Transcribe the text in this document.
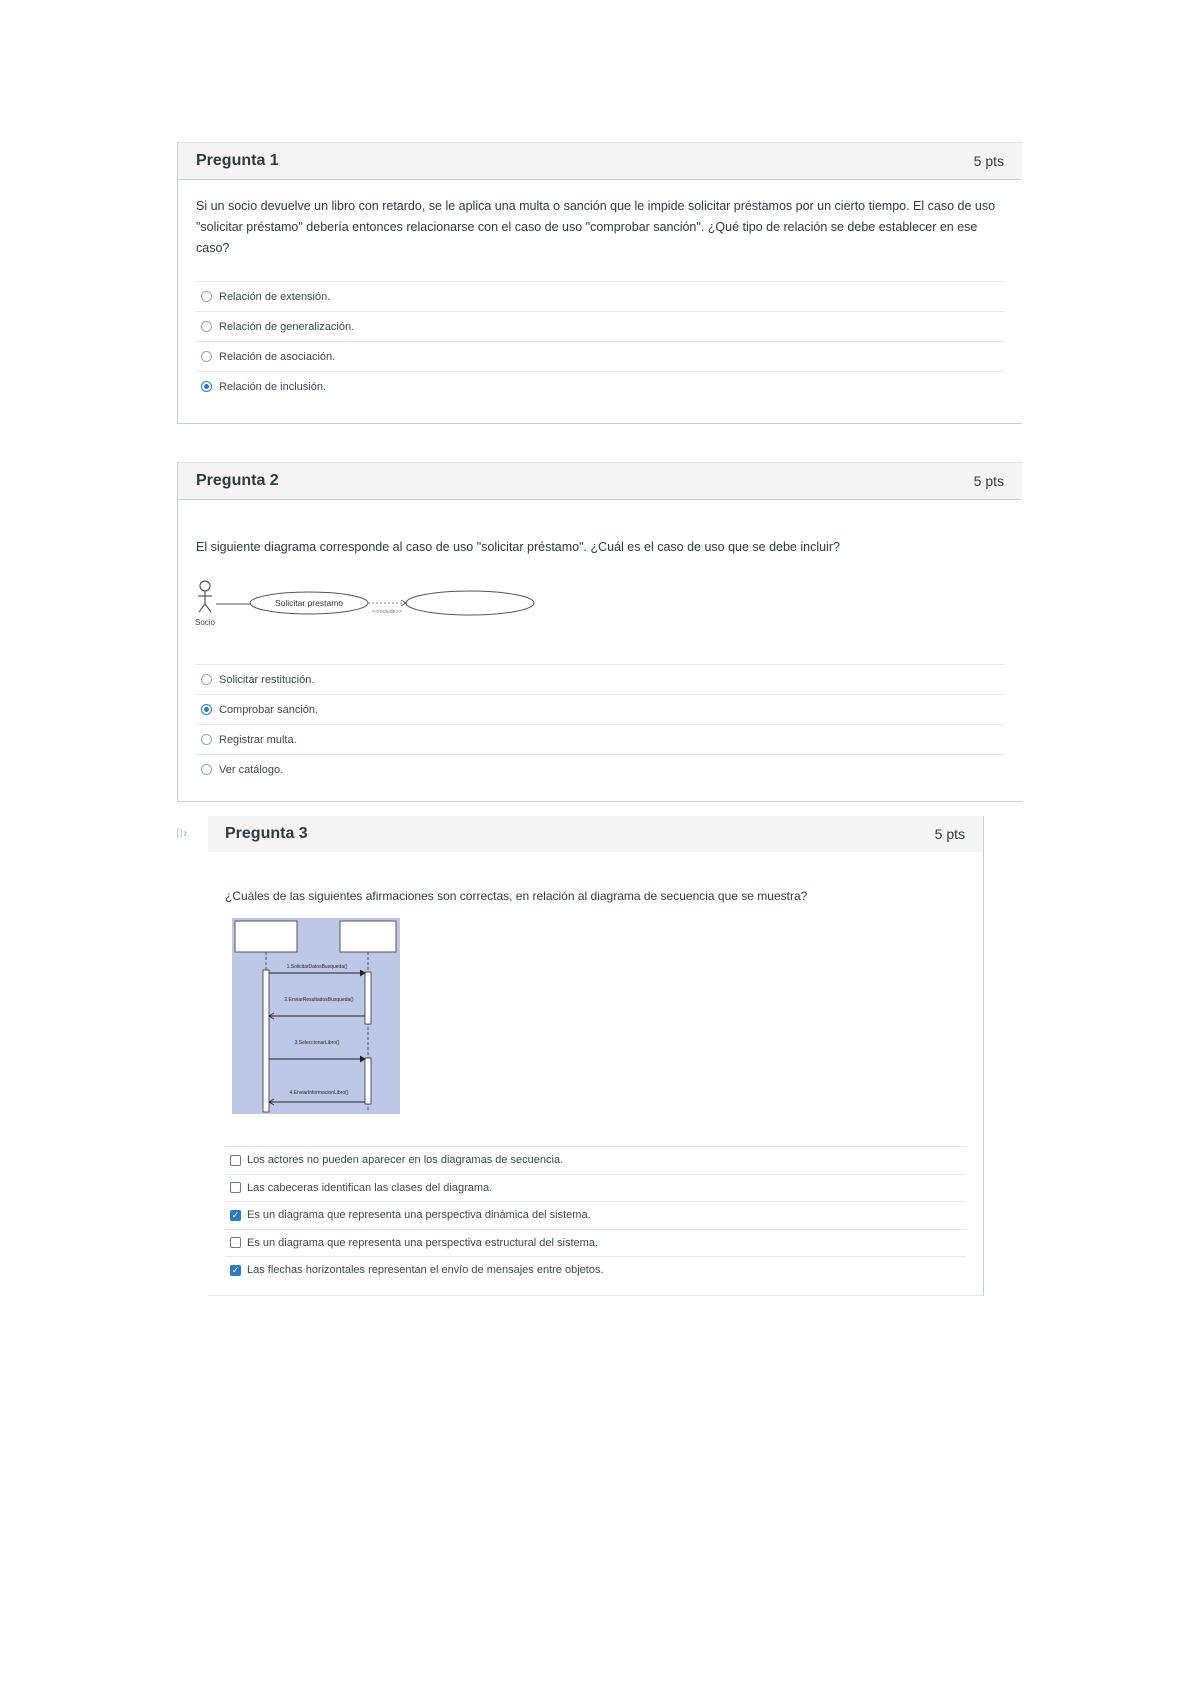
Pregunta 1	5 pts
Si un socio devuelve un libro con retardo, se le aplica una multa o sanción que le impide solicitar préstamos por un cierto tiempo. El caso de uso "solicitar préstamo" debería entonces relacionarse con el caso de uso "comprobar sanción". ¿Qué tipo de relación se debe establecer en ese caso?
Relación de extensión.
Relación de generalización.
Relación de asociación.
Relación de inclusión.
Pregunta 2	5 pts
El siguiente diagrama corresponde al caso de uso "solicitar préstamo". ¿Cuál es el caso de uso que se debe incluir?
Socio
Solicitar prestamo
<<include>>
Solicitar restitución.
Comprobar sanción.
Registrar multa.
Ver catálogo.
⌷›	Pregunta 3	5 pts
¿Cuáles de las siguientes afirmaciones son correctas, en relación al diagrama de secuencia que se muestra?
1.SolicitarDatosBusqueda()
2.EnviarResultadosBusqueda()
3.SeleccionarLibro()
4.EnviarInformacionLibro()
Los actores no pueden aparecer en los diagramas de secuencia.
Las cabeceras identifican las clases del diagrama.
✓ Es un diagrama que representa una perspectiva dinámica del sistema.
Es un diagrama que representa una perspectiva estructural del sistema.
✓ Las flechas horizontales representan el envío de mensajes entre objetos.
